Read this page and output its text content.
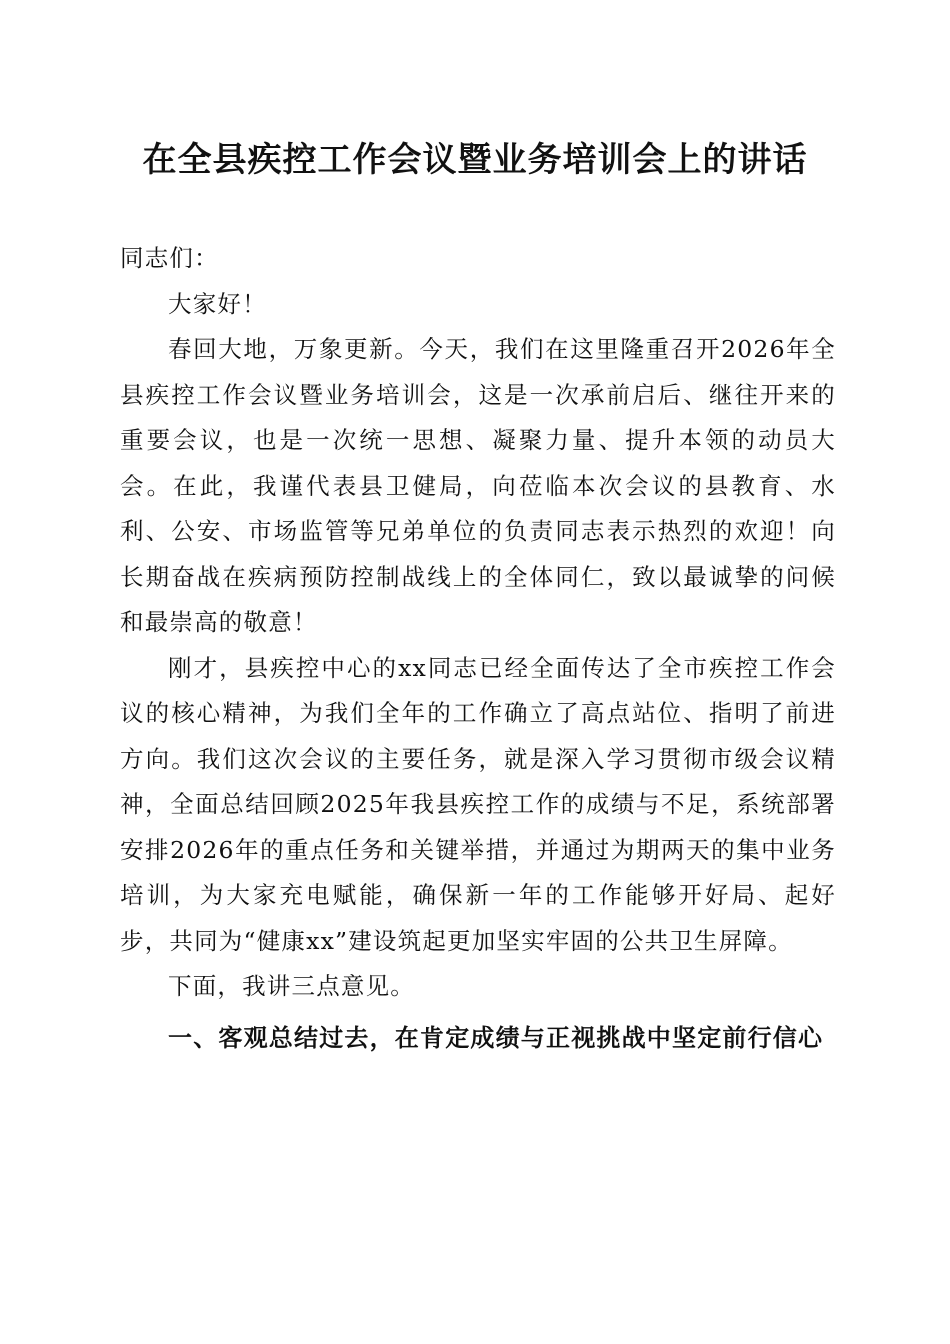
在全县疾控工作会议暨业务培训会上的讲话

同志们：

大家好！

春回大地，万象更新。今天，我们在这里隆重召开2026年全县疾控工作会议暨业务培训会，这是一次承前启后、继往开来的重要会议，也是一次统一思想、凝聚力量、提升本领的动员大会。在此，我谨代表县卫健局，向莅临本次会议的县教育、水利、公安、市场监管等兄弟单位的负责同志表示热烈的欢迎！向长期奋战在疾病预防控制战线上的全体同仁，致以最诚挚的问候和最崇高的敬意！

刚才，县疾控中心的xx同志已经全面传达了全市疾控工作会议的核心精神，为我们全年的工作确立了高点站位、指明了前进方向。我们这次会议的主要任务，就是深入学习贯彻市级会议精神，全面总结回顾2025年我县疾控工作的成绩与不足，系统部署安排2026年的重点任务和关键举措，并通过为期两天的集中业务培训，为大家充电赋能，确保新一年的工作能够开好局、起好步，共同为“健康xx”建设筑起更加坚实牢固的公共卫生屏障。

下面，我讲三点意见。

一、客观总结过去，在肯定成绩与正视挑战中坚定前行信心
